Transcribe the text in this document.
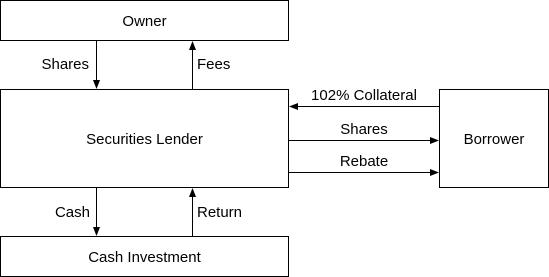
Owner
Securities Lender	Borrower
Cash Investment
Shares	Fees
102% Collateral
Shares
Rebate
Cash	Return
